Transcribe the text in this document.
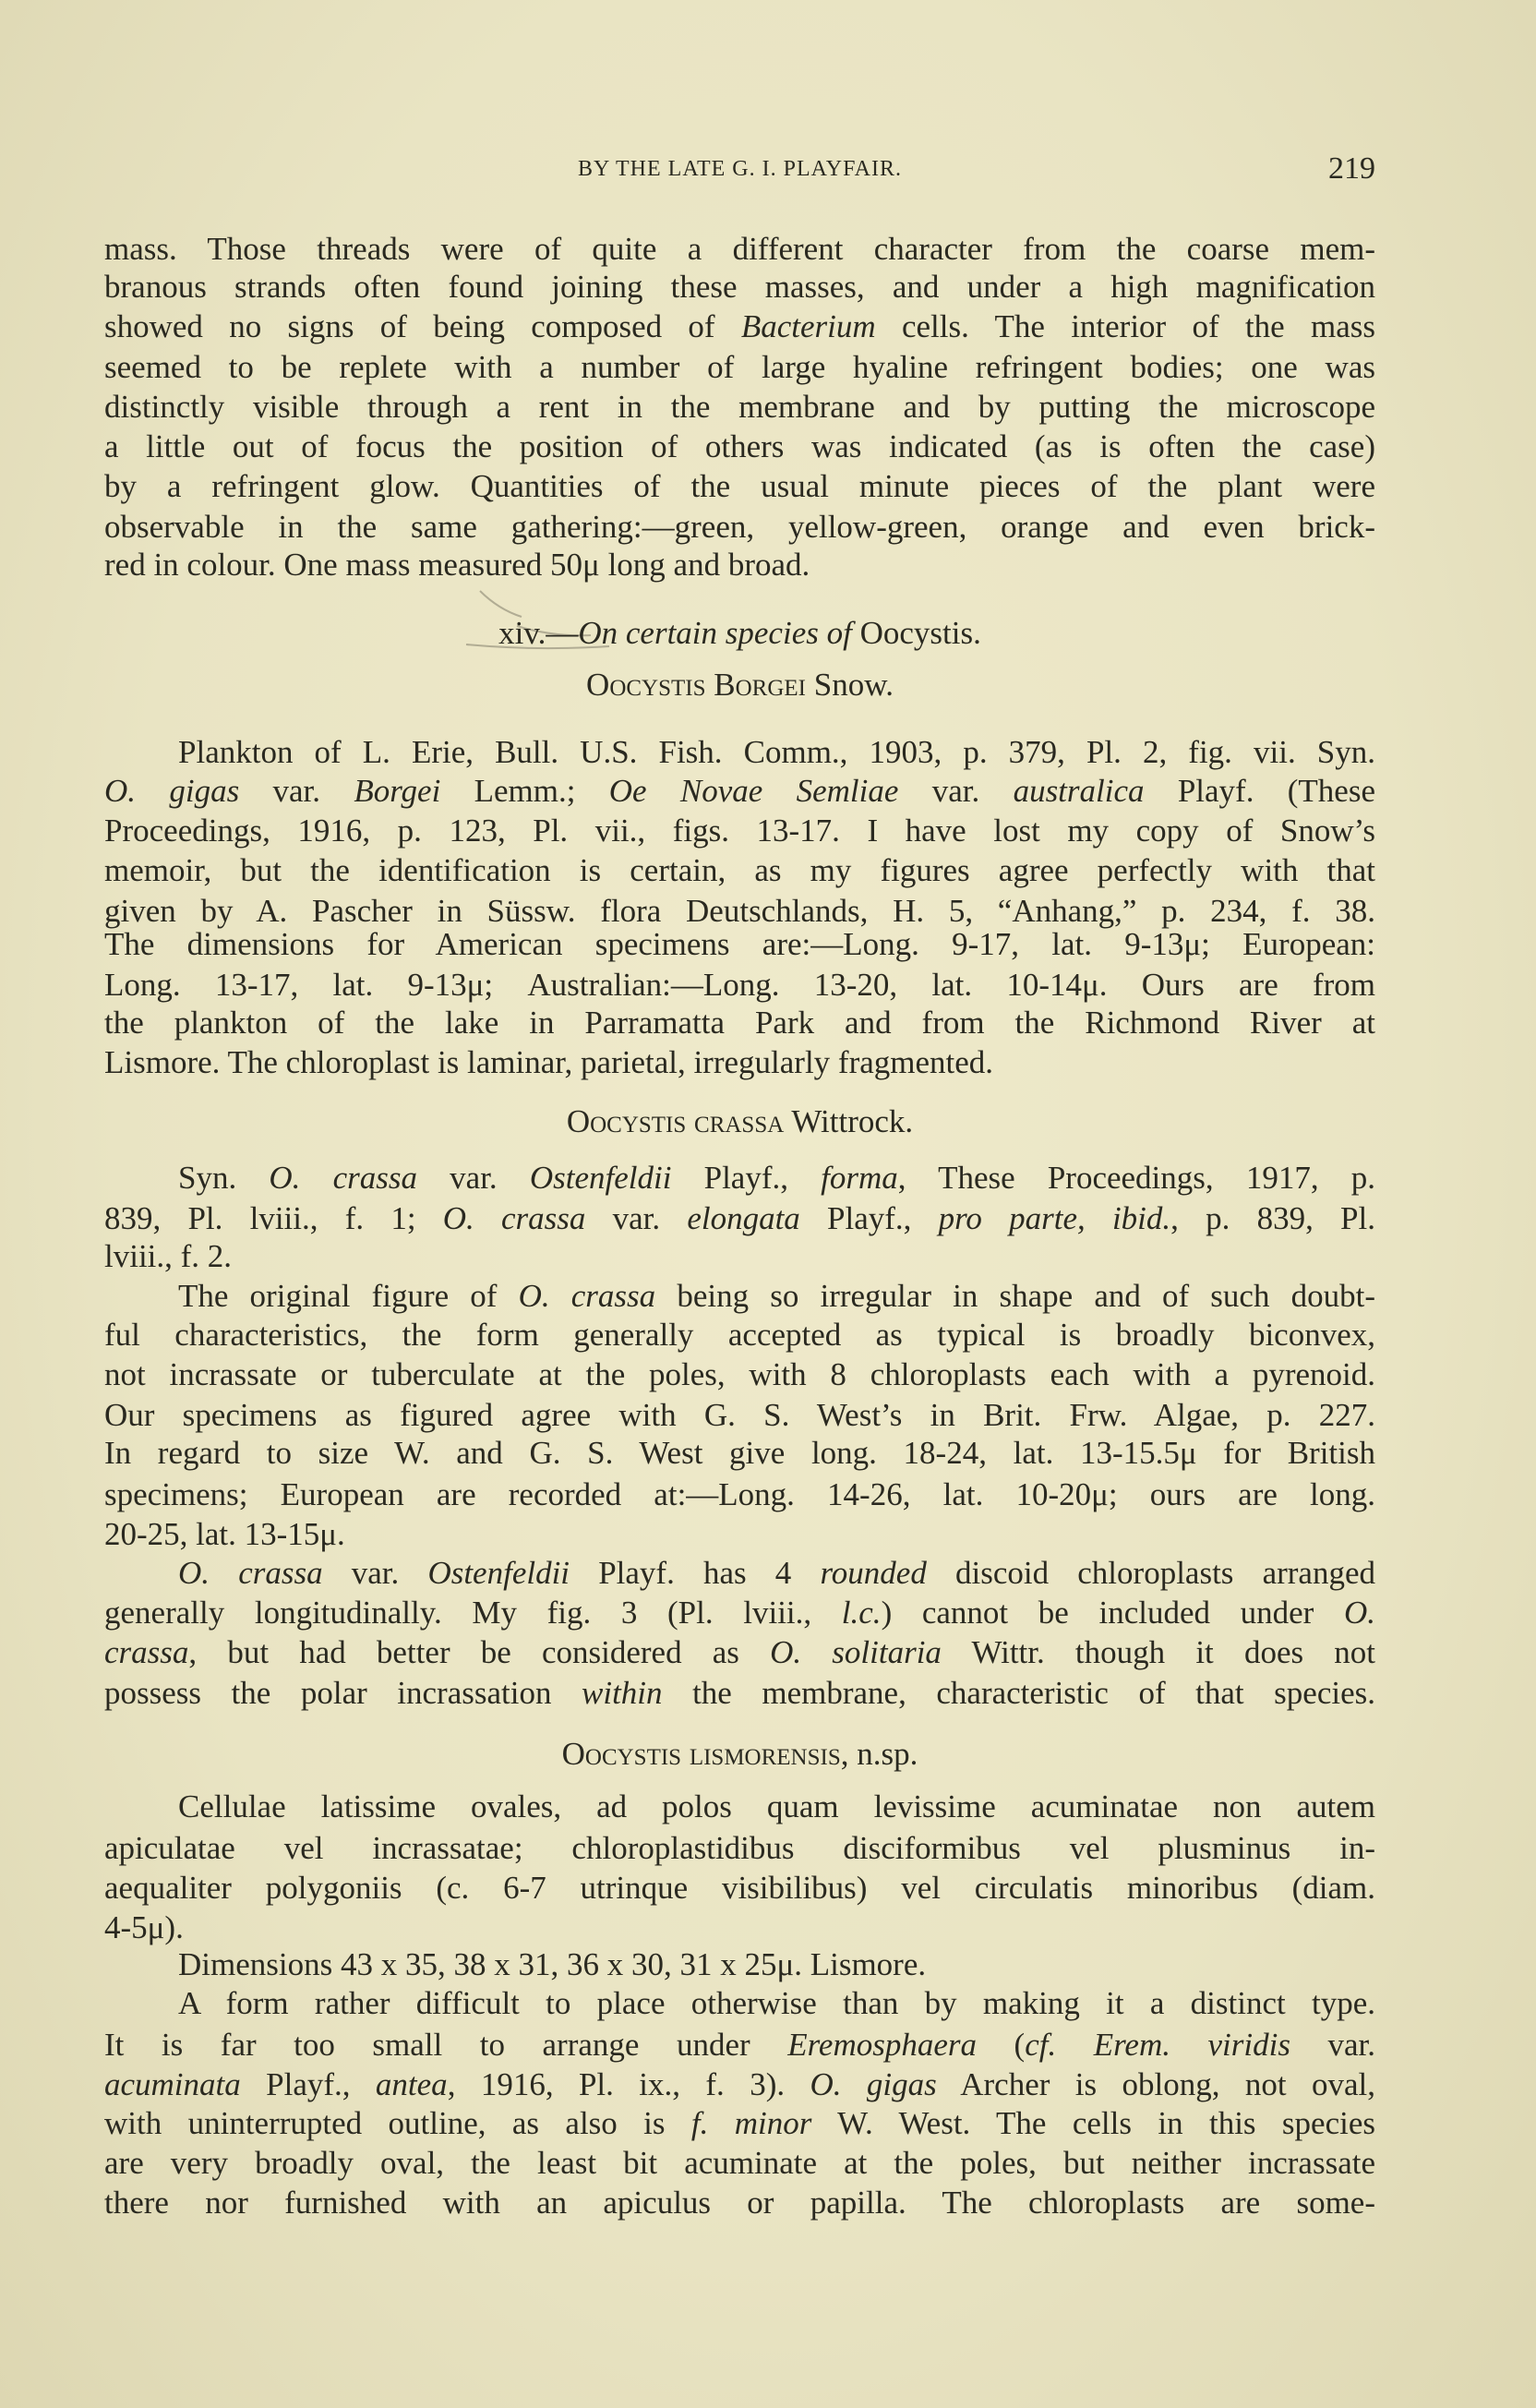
BY THE LATE G. I. PLAYFAIR.	219
mass. Those threads were of quite a different character from the coarse mem-
branous strands often found joining these masses, and under a high magnification
showed no signs of being composed of Bacterium cells. The interior of the mass
seemed to be replete with a number of large hyaline refringent bodies; one was
distinctly visible through a rent in the membrane and by putting the microscope
a little out of focus the position of others was indicated (as is often the case)
by a refringent glow. Quantities of the usual minute pieces of the plant were
observable in the same gathering:—green, yellow-green, orange and even brick-
red in colour. One mass measured 50μ long and broad.
xiv.—On certain species of Oocystis.
Oocystis Borgei Snow.
Plankton of L. Erie, Bull. U.S. Fish. Comm., 1903, p. 379, Pl. 2, fig. vii. Syn.
O. gigas var. Borgei Lemm.; Oe Novae Semliae var. australica Playf. (These
Proceedings, 1916, p. 123, Pl. vii., figs. 13-17. I have lost my copy of Snow’s
memoir, but the identification is certain, as my figures agree perfectly with that
given by A. Pascher in Süssw. flora Deutschlands, H. 5, “Anhang,” p. 234, f. 38.
The dimensions for American specimens are:—Long. 9-17, lat. 9-13μ; European:
Long. 13-17, lat. 9-13μ; Australian:—Long. 13-20, lat. 10-14μ. Ours are from
the plankton of the lake in Parramatta Park and from the Richmond River at
Lismore. The chloroplast is laminar, parietal, irregularly fragmented.
Oocystis crassa Wittrock.
Syn. O. crassa var. Ostenfeldii Playf., forma, These Proceedings, 1917, p.
839, Pl. lviii., f. 1; O. crassa var. elongata Playf., pro parte, ibid., p. 839, Pl.
lviii., f. 2.
The original figure of O. crassa being so irregular in shape and of such doubt-
ful characteristics, the form generally accepted as typical is broadly biconvex,
not incrassate or tuberculate at the poles, with 8 chloroplasts each with a pyrenoid.
Our specimens as figured agree with G. S. West’s in Brit. Frw. Algae, p. 227.
In regard to size W. and G. S. West give long. 18-24, lat. 13-15.5μ for British
specimens; European are recorded at:—Long. 14-26, lat. 10-20μ; ours are long.
20-25, lat. 13-15μ.
O. crassa var. Ostenfeldii Playf. has 4 rounded discoid chloroplasts arranged
generally longitudinally. My fig. 3 (Pl. lviii., l.c.) cannot be included under O.
crassa, but had better be considered as O. solitaria Wittr. though it does not
possess the polar incrassation within the membrane, characteristic of that species.
Oocystis lismorensis, n.sp.
Cellulae latissime ovales, ad polos quam levissime acuminatae non autem
apiculatae vel incrassatae; chloroplastidibus disciformibus vel plusminus in-
aequaliter polygoniis (c. 6-7 utrinque visibilibus) vel circulatis minoribus (diam.
4-5μ).
Dimensions 43 x 35, 38 x 31, 36 x 30, 31 x 25μ. Lismore.
A form rather difficult to place otherwise than by making it a distinct type.
It is far too small to arrange under Eremosphaera (cf. Erem. viridis var.
acuminata Playf., antea, 1916, Pl. ix., f. 3). O. gigas Archer is oblong, not oval,
with uninterrupted outline, as also is f. minor W. West. The cells in this species
are very broadly oval, the least bit acuminate at the poles, but neither incrassate
there nor furnished with an apiculus or papilla. The chloroplasts are some-
